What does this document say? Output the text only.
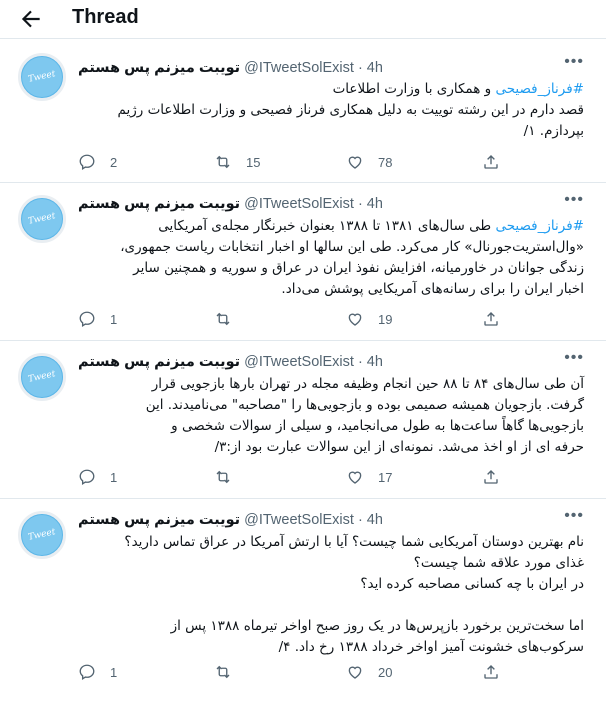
Thread
Tweet
تویبت میزنم پس هستم @ITweetSolExist · 4h	•••
#فرناز_فصیحی و همکاری با وزارت اطلاعات
قصد دارم در این رشته توییت به دلیل همکاری فرناز فصیحی و وزارت اطلاعات رژیم
بپردازم. ۱/
2	15	78
Tweet
تویبت میزنم پس هستم @ITweetSolExist · 4h	•••
#فرناز_فصیحی طی سال‌های ۱۳۸۱ تا ۱۳۸۸ بعنوان خبرنگار مجله‌ی آمریکایی
«وال‌استریت‌جورنال» کار می‌کرد. طی این سالها او اخبار انتخابات ریاست جمهوری،
زندگی جوانان در خاورمیانه، افزایش نفوذ ایران در عراق و سوریه و همچنین سایر
اخبار ایران را برای رسانه‌های آمریکایی پوشش می‌داد.
1	19
Tweet
تویبت میزنم پس هستم @ITweetSolExist · 4h	•••
آن طی سال‌های ۸۴ تا ۸۸ حین انجام وظیفه مجله در تهران بارها بازجویی قرار
گرفت. بازجویان همیشه صمیمی بوده و بازجویی‌ها را "مصاحبه" می‌نامیدند. این
بازجویی‌ها گاهاً ساعت‌ها به طول می‌انجامید، و سیلی از سوالات شخصی و
حرفه ای از او اخذ می‌شد. نمونه‌ای از این سوالات عبارت بود از:۳/
1	17
Tweet
تویبت میزنم پس هستم @ITweetSolExist · 4h	•••
نام بهترین دوستان آمریکایی شما چیست؟ آیا با ارتش آمریکا در عراق تماس دارید؟
غذای مورد علاقه شما چیست؟
در ایران با چه کسانی مصاحبه کرده اید؟
اما سخت‌ترین برخورد بازپرس‌ها در یک روز صبح اواخر تیرماه ۱۳۸۸ پس از
سرکوب‌های خشونت آمیز اواخر خرداد ۱۳۸۸ رخ داد. ۴/
1	20
